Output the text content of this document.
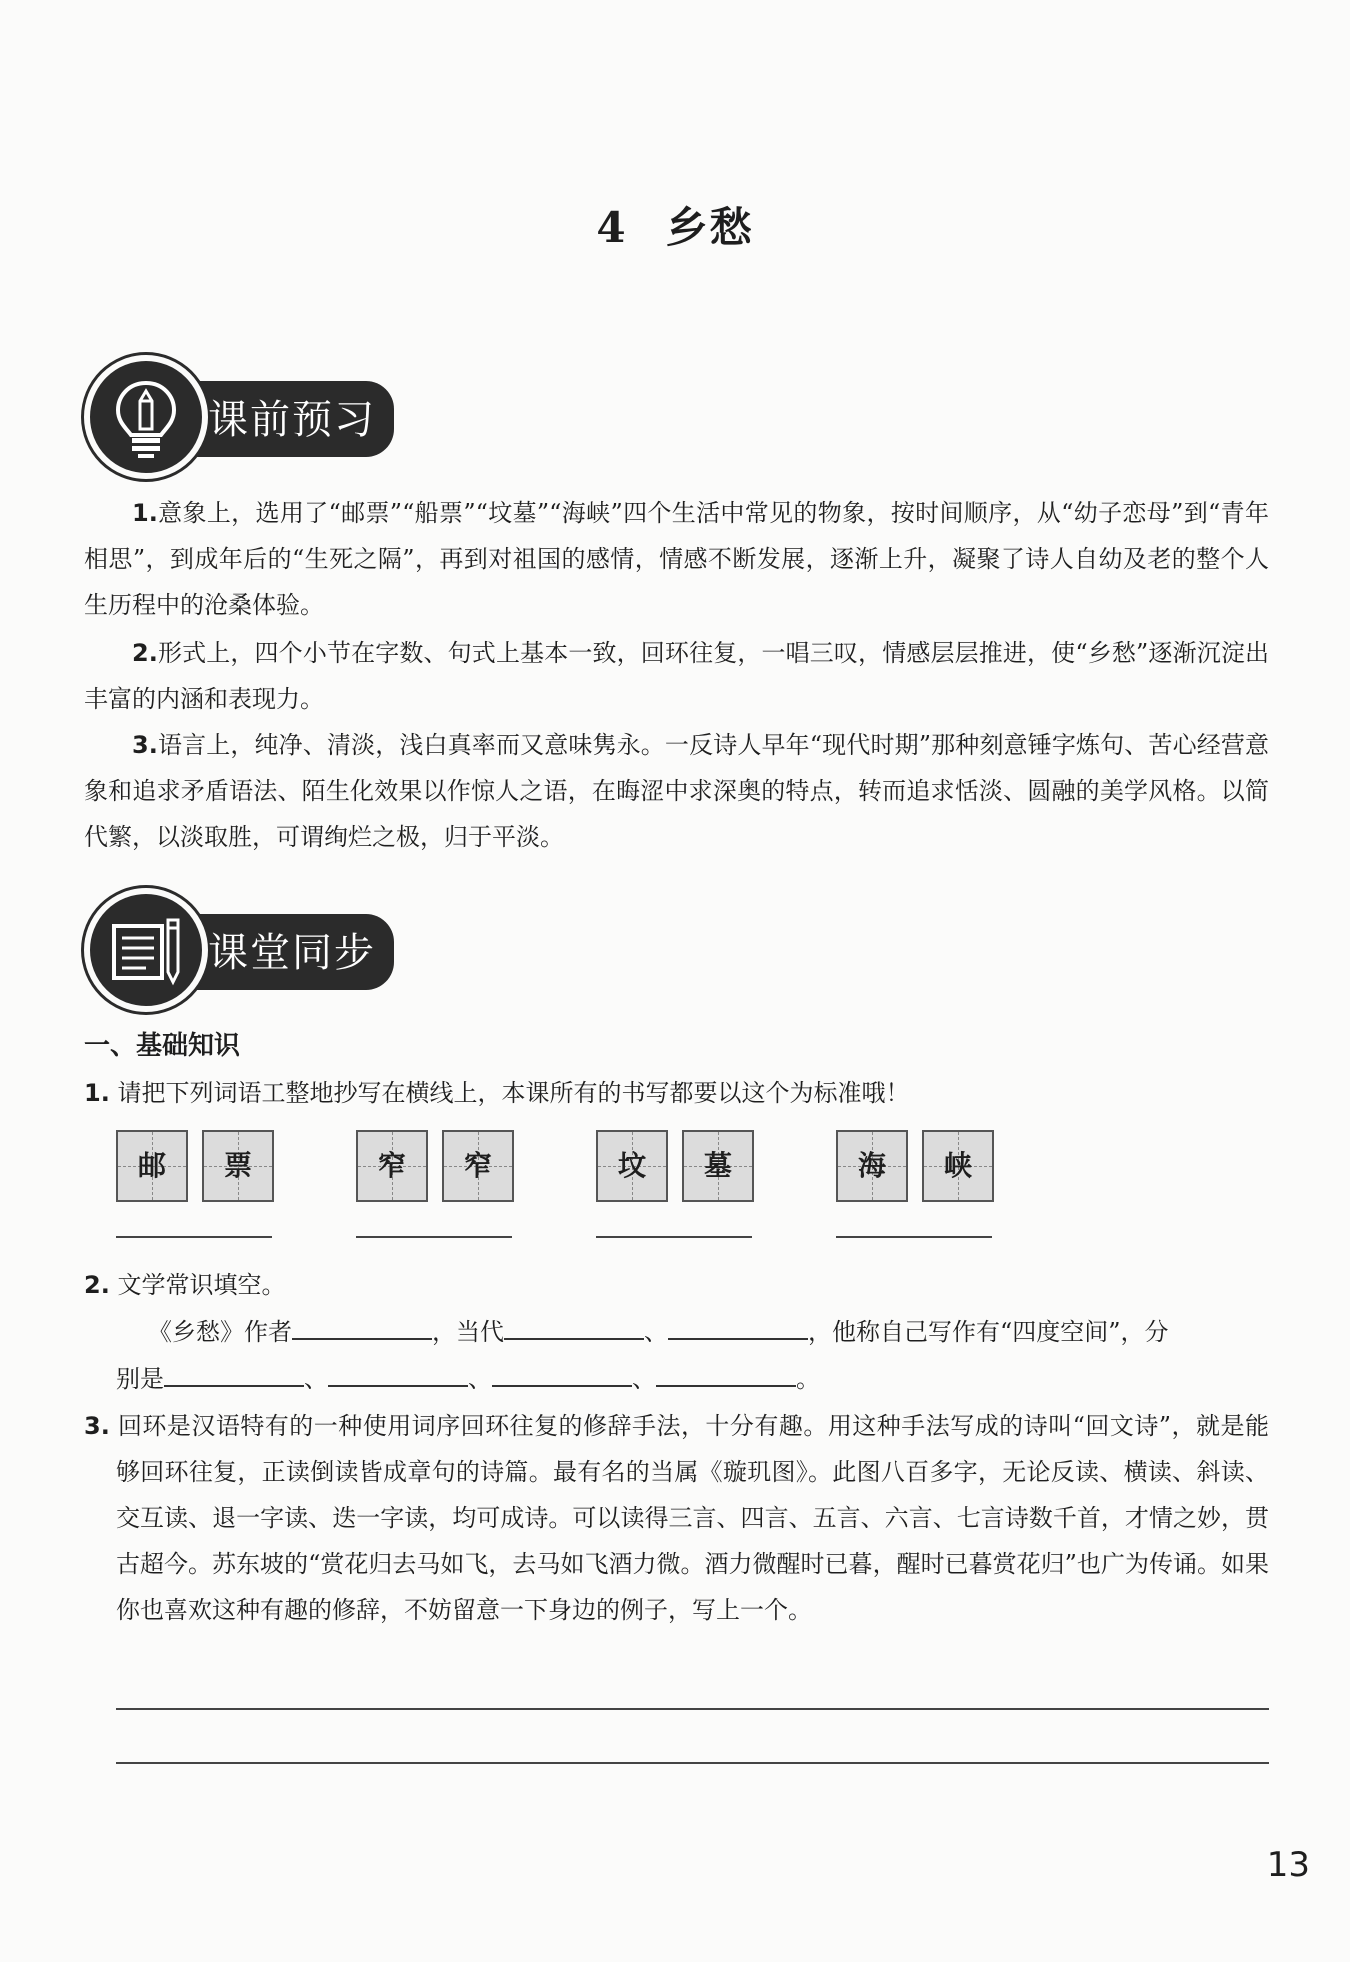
4 乡愁
课前预习
1.意象上，选用了“邮票”“船票”“坟墓”“海峡”四个生活中常见的物象，按时间顺序，从“幼子恋母”到“青年相思”，到成年后的“生死之隔”，再到对祖国的感情，情感不断发展，逐渐上升，凝聚了诗人自幼及老的整个人生历程中的沧桑体验。
2.形式上，四个小节在字数、句式上基本一致，回环往复，一唱三叹，情感层层推进，使“乡愁”逐渐沉淀出丰富的内涵和表现力。
3.语言上，纯净、清淡，浅白真率而又意味隽永。一反诗人早年“现代时期”那种刻意锤字炼句、苦心经营意象和追求矛盾语法、陌生化效果以作惊人之语，在晦涩中求深奥的特点，转而追求恬淡、圆融的美学风格。以简代繁，以淡取胜，可谓绚烂之极，归于平淡。
课堂同步
一、基础知识
1. 请把下列词语工整地抄写在横线上，本课所有的书写都要以这个为标准哦！
邮	票	窄	窄	坟	墓	海	峡
2. 文学常识填空。
《乡愁》作者	，当代	、	，他称自己写作有“四度空间”，分
别是	、	、	、	。
3. 回环是汉语特有的一种使用词序回环往复的修辞手法，十分有趣。用这种手法写成的诗叫“回文诗”，就是能够回环往复，正读倒读皆成章句的诗篇。最有名的当属《璇玑图》。此图八百多字，无论反读、横读、斜读、交互读、退一字读、迭一字读，均可成诗。可以读得三言、四言、五言、六言、七言诗数千首，才情之妙，贯古超今。苏东坡的“赏花归去马如飞，去马如飞酒力微。酒力微醒时已暮，醒时已暮赏花归”也广为传诵。如果你也喜欢这种有趣的修辞，不妨留意一下身边的例子，写上一个。
13
